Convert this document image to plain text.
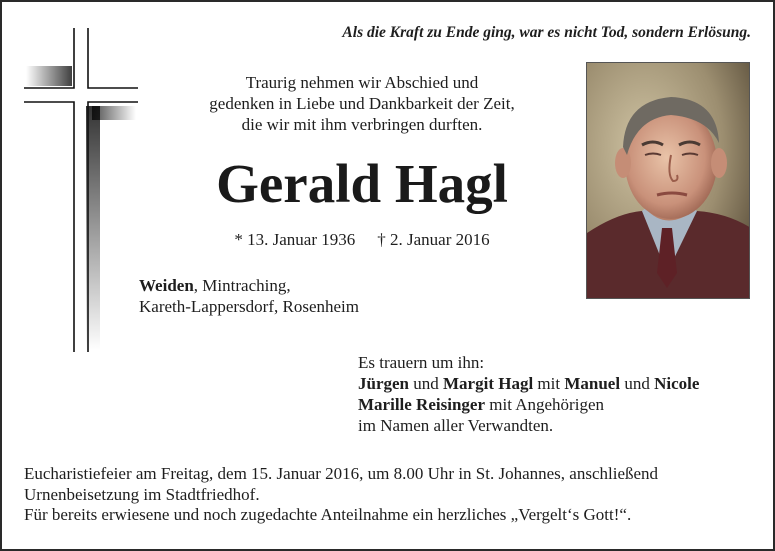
Als die Kraft zu Ende ging, war es nicht Tod, sondern Erlösung.
Traurig nehmen wir Abschied und
gedenken in Liebe und Dankbarkeit der Zeit,
die wir mit ihm verbringen durften.
Gerald Hagl
* 13. Januar 1936 † 2. Januar 2016
Weiden, Mintraching,
Kareth-Lappersdorf, Rosenheim
Es trauern um ihn:
Jürgen und Margit Hagl mit Manuel und Nicole
Marille Reisinger mit Angehörigen
im Namen aller Verwandten.
Eucharistiefeier am Freitag, dem 15. Januar 2016, um 8.00 Uhr in St. Johannes, anschließend
Urnenbeisetzung im Stadtfriedhof.
Für bereits erwiesene und noch zugedachte Anteilnahme ein herzliches „Vergelt‘s Gott!“.
